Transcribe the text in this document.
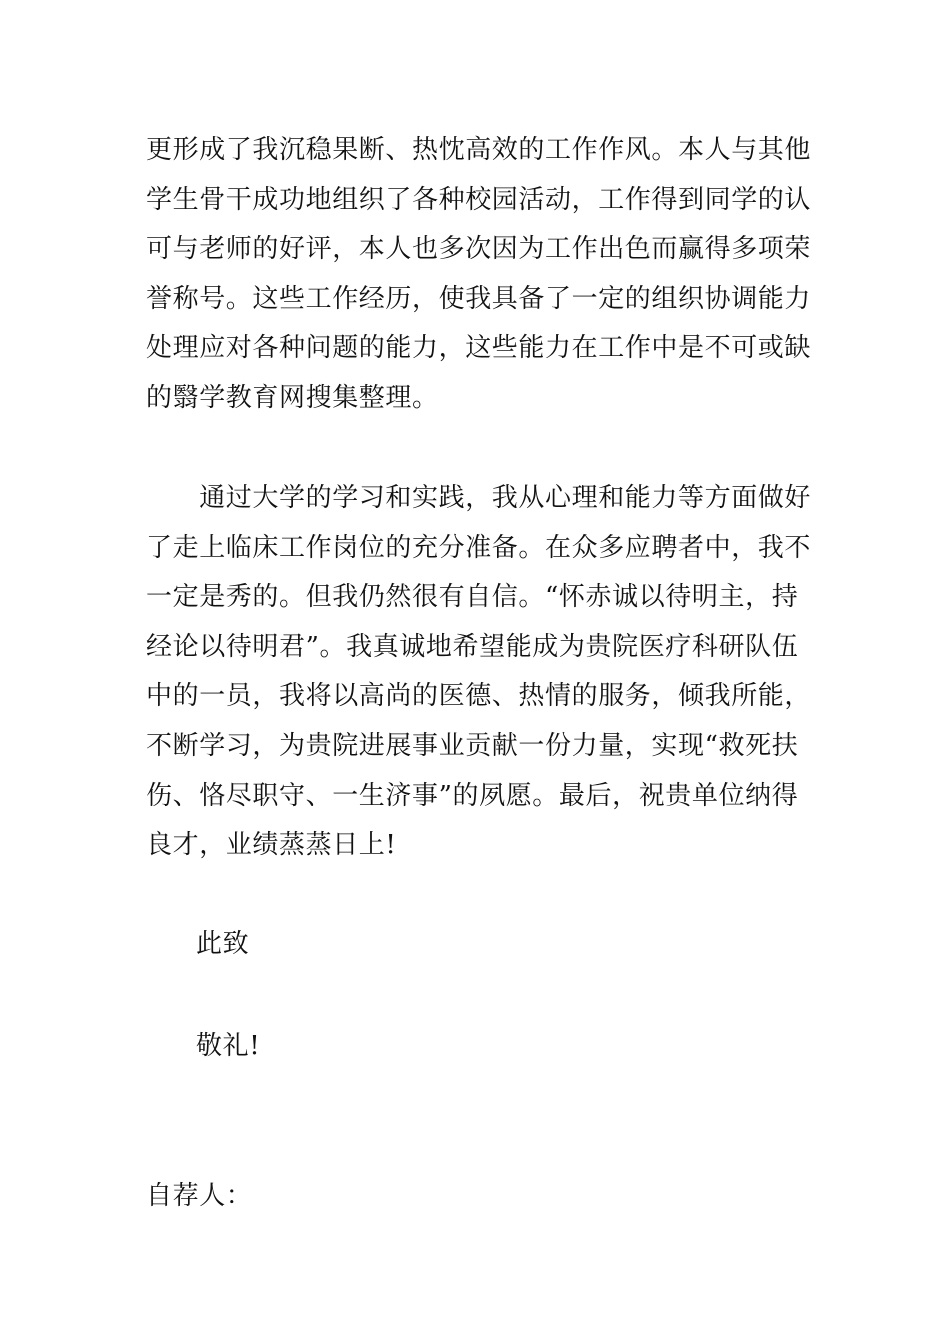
更形成了我沉稳果断、热忱高效的工作作风。本人与其他
学生骨干成功地组织了各种校园活动，工作得到同学的认
可与老师的好评，本人也多次因为工作出色而赢得多项荣
誉称号。这些工作经历，使我具备了一定的组织协调能力
处理应对各种问题的能力，这些能力在工作中是不可或缺
的翳学教育网搜集整理。
　　通过大学的学习和实践，我从心理和能力等方面做好
了走上临床工作岗位的充分准备。在众多应聘者中，我不
一定是秀的。但我仍然很有自信。“怀赤诚以待明主，持
经论以待明君”。我真诚地希望能成为贵院医疗科研队伍
中的一员，我将以高尚的医德、热情的服务，倾我所能，
不断学习，为贵院进展事业贡献一份力量，实现“救死扶
伤、恪尽职守、一生济事”的夙愿。最后，祝贵单位纳得
良才，业绩蒸蒸日上!
此致
敬礼!
自荐人：
